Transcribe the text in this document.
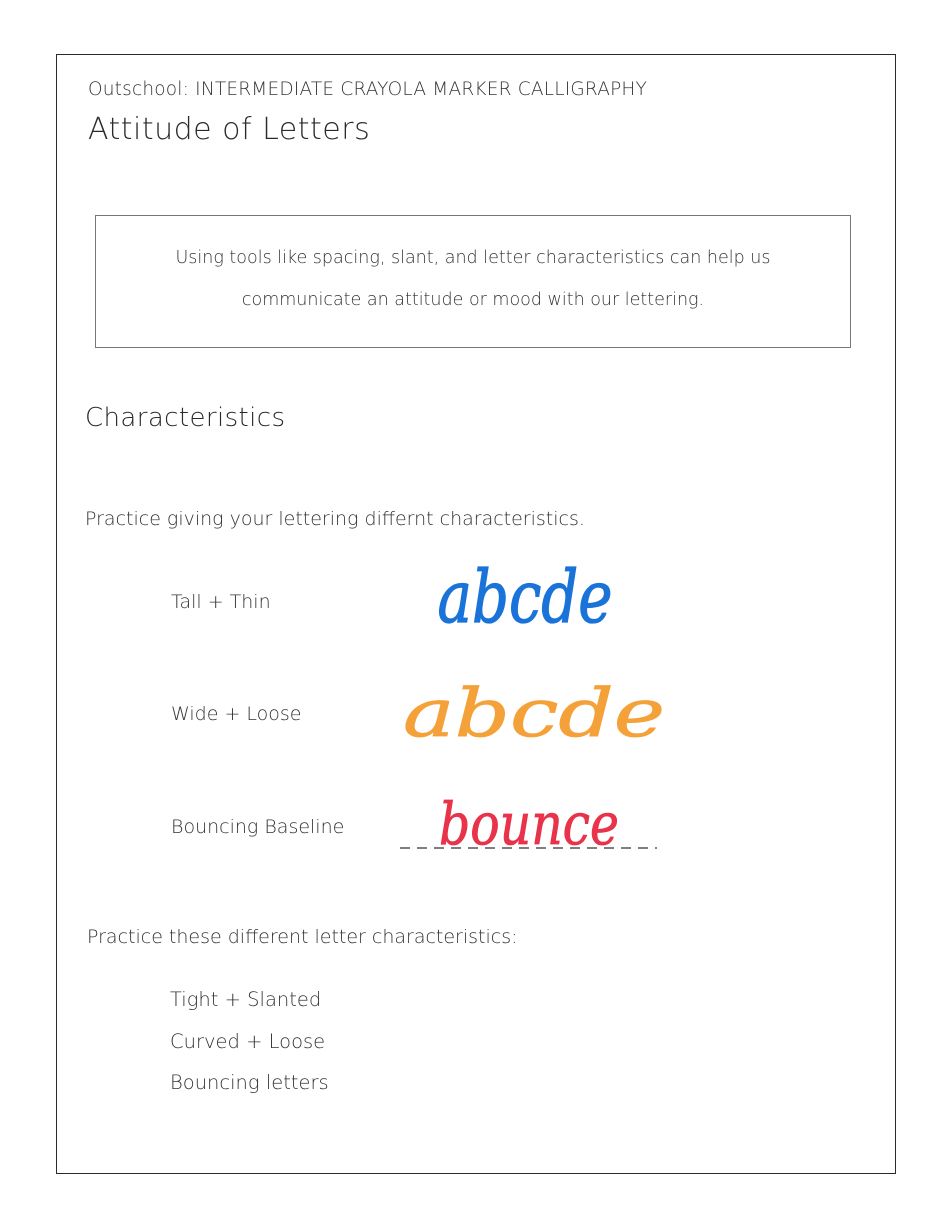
Outschool: INTERMEDIATE CRAYOLA MARKER CALLIGRAPHY
Attitude of Letters
Using tools like spacing, slant, and letter characteristics can help us
communicate an attitude or mood with our lettering.
Characteristics
Practice giving your lettering differnt characteristics.
Tall + Thin abcde
Wide + Loose abcde
Bouncing Baseline bounce
Practice these different letter characteristics:
Tight + Slanted
Curved + Loose
Bouncing letters
